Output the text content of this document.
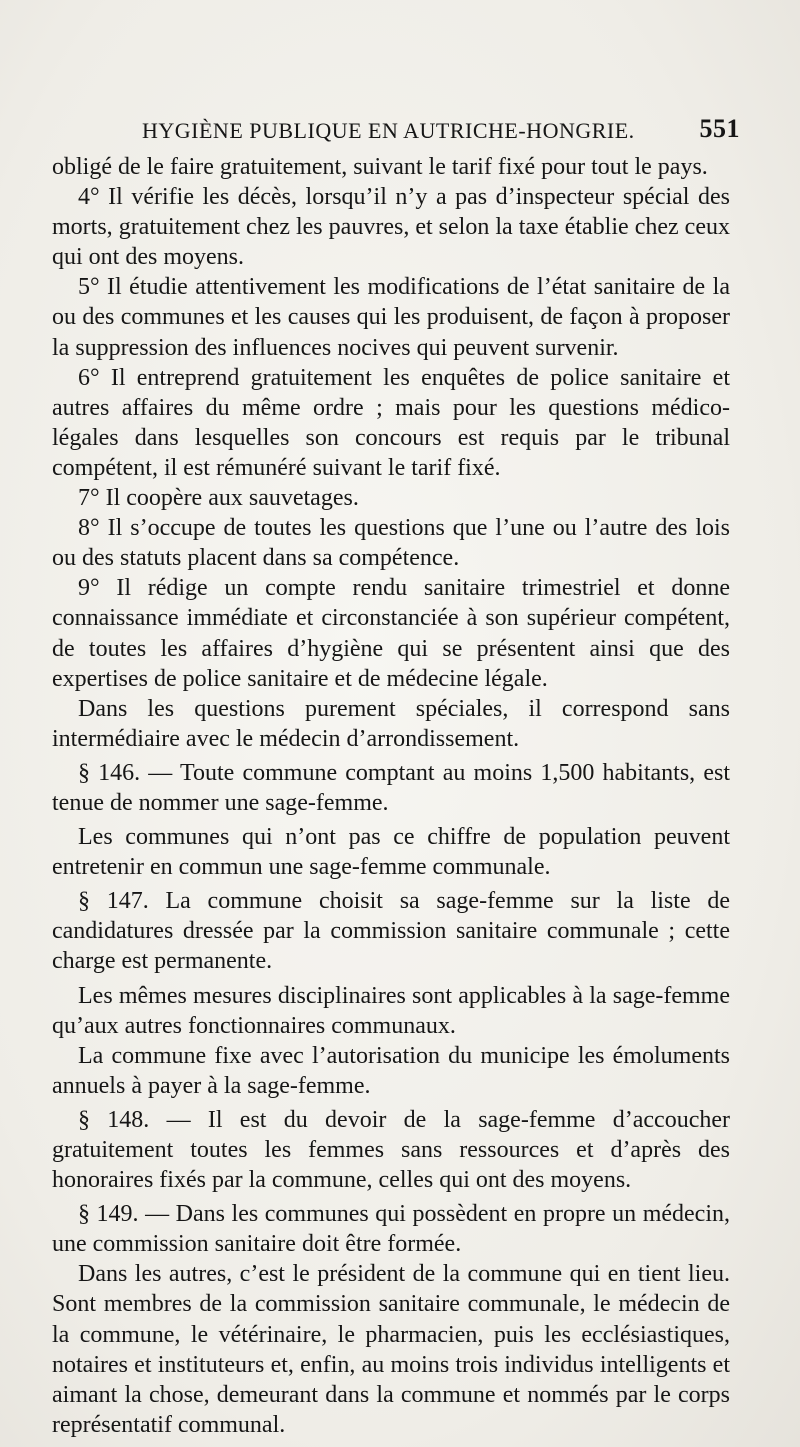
HYGIÈNE PUBLIQUE EN AUTRICHE-HONGRIE. 551

obligé de le faire gratuitement, suivant le tarif fixé pour tout le pays.

4° Il vérifie les décès, lorsqu’il n’y a pas d’inspecteur spécial des morts, gratuitement chez les pauvres, et selon la taxe établie chez ceux qui ont des moyens.

5° Il étudie attentivement les modifications de l’état sanitaire de la ou des communes et les causes qui les produisent, de façon à proposer la suppression des influences nocives qui peuvent survenir.

6° Il entreprend gratuitement les enquêtes de police sanitaire et autres affaires du même ordre ; mais pour les questions médico-légales dans lesquelles son concours est requis par le tribunal compétent, il est rémunéré suivant le tarif fixé.

7° Il coopère aux sauvetages.

8° Il s’occupe de toutes les questions que l’une ou l’autre des lois ou des statuts placent dans sa compétence.

9° Il rédige un compte rendu sanitaire trimestriel et donne connaissance immédiate et circonstanciée à son supérieur compétent, de toutes les affaires d’hygiène qui se présentent ainsi que des expertises de police sanitaire et de médecine légale.

Dans les questions purement spéciales, il correspond sans intermédiaire avec le médecin d’arrondissement.

§ 146. — Toute commune comptant au moins 1,500 habitants, est tenue de nommer une sage-femme.

Les communes qui n’ont pas ce chiffre de population peuvent entretenir en commun une sage-femme communale.

§ 147. La commune choisit sa sage-femme sur la liste de candidatures dressée par la commission sanitaire communale ; cette charge est permanente.

Les mêmes mesures disciplinaires sont applicables à la sage-femme qu’aux autres fonctionnaires communaux.

La commune fixe avec l’autorisation du municipe les émoluments annuels à payer à la sage-femme.

§ 148. — Il est du devoir de la sage-femme d’accoucher gratuitement toutes les femmes sans ressources et d’après des honoraires fixés par la commune, celles qui ont des moyens.

§ 149. — Dans les communes qui possèdent en propre un médecin, une commission sanitaire doit être formée.

Dans les autres, c’est le président de la commune qui en tient lieu. Sont membres de la commission sanitaire communale, le médecin de la commune, le vétérinaire, le pharmacien, puis les ecclésiastiques, notaires et instituteurs et, enfin, au moins trois individus intelligents et aimant la chose, demeurant dans la commune et nommés par le corps représentatif communal.
